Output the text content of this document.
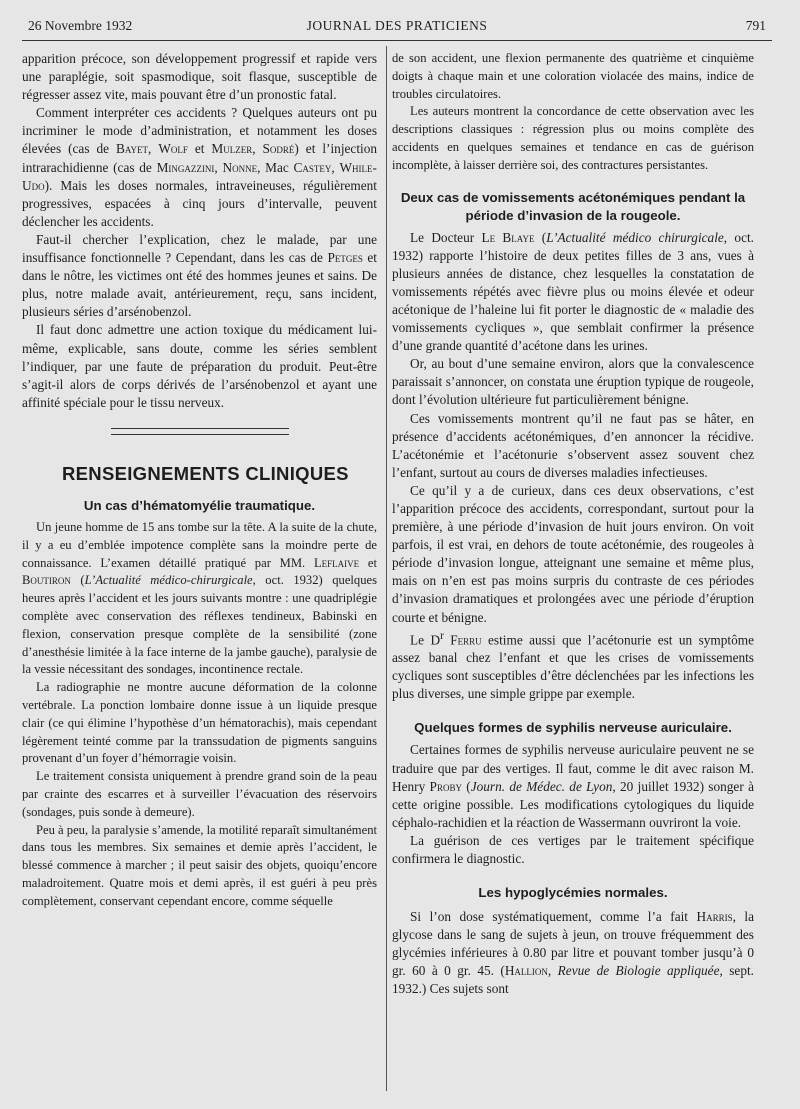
26 Novembre 1932	JOURNAL DES PRATICIENS	791

apparition précoce, son développement progressif et rapide vers une paraplégie, soit spasmodique, soit flasque, susceptible de régresser assez vite, mais pouvant être d’un pronostic fatal.

Comment interpréter ces accidents ? Quelques auteurs ont pu incriminer le mode d’administration, et notamment les doses élevées (cas de Bayet, Wolf et Mulzer, Sodré) et l’injection intrarachidienne (cas de Mingazzini, Nonne, Mac Castey, While-Udo). Mais les doses normales, intraveineuses, régulièrement progressives, espacées à cinq jours d’intervalle, peuvent déclencher les accidents.

Faut-il chercher l’explication, chez le malade, par une insuffisance fonctionnelle ? Cependant, dans les cas de Petges et dans le nôtre, les victimes ont été des hommes jeunes et sains. De plus, notre malade avait, antérieurement, reçu, sans incident, plusieurs séries d’arsénobenzol.

Il faut donc admettre une action toxique du médicament lui-même, explicable, sans doute, comme les séries semblent l’indiquer, par une faute de préparation du produit. Peut-être s’agit-il alors de corps dérivés de l’arsénobenzol et ayant une affinité spéciale pour le tissu nerveux.

RENSEIGNEMENTS CLINIQUES
Un cas d’hématomyélie traumatique.

Un jeune homme de 15 ans tombe sur la tête. A la suite de la chute, il y a eu d’emblée impotence complète sans la moindre perte de connaissance. L’examen détaillé pratiqué par MM. Leflaive et Boutiron (L’Actualité médico-chirurgicale, oct. 1932) quelques heures après l’accident et les jours suivants montre : une quadriplégie complète avec conservation des réflexes tendineux, Babinski en flexion, conservation presque complète de la sensibilité (zone d’anesthésie limitée à la face interne de la jambe gauche), paralysie de la vessie nécessitant des sondages, incontinence rectale.

La radiographie ne montre aucune déformation de la colonne vertébrale. La ponction lombaire donne issue à un liquide presque clair (ce qui élimine l’hypothèse d’un hématorachis), mais cependant légèrement teinté comme par la transsudation de pigments sanguins provenant d’un foyer d’hémorragie voisin.

Le traitement consista uniquement à prendre grand soin de la peau par crainte des escarres et à surveiller l’évacuation des réservoirs (sondages, puis sonde à demeure).

Peu à peu, la paralysie s’amende, la motilité reparaît simultanément dans tous les membres. Six semaines et demie après l’accident, le blessé commence à marcher ; il peut saisir des objets, quoiqu’encore maladroitement. Quatre mois et demi après, il est guéri à peu près complètement, conservant cependant encore, comme séquelle

de son accident, une flexion permanente des quatrième et cinquième doigts à chaque main et une coloration violacée des mains, indice de troubles circulatoires.

Les auteurs montrent la concordance de cette observation avec les descriptions classiques : régression plus ou moins complète des accidents en quelques semaines et tendance en cas de guérison incomplète, à laisser derrière soi, des contractures persistantes.

Deux cas de vomissements acétonémiques pendant la période d’invasion de la rougeole.

Le Docteur Le Blaye (L’Actualité médico chirurgicale, oct. 1932) rapporte l’histoire de deux petites filles de 3 ans, vues à plusieurs années de distance, chez lesquelles la constatation de vomissements répétés avec fièvre plus ou moins élevée et odeur acétonique de l’haleine lui fit porter le diagnostic de « maladie des vomissements cycliques », que semblait confirmer la présence d’une grande quantité d’acétone dans les urines.

Or, au bout d’une semaine environ, alors que la convalescence paraissait s’annoncer, on constata une éruption typique de rougeole, dont l’évolution ultérieure fut particulièrement bénigne.

Ces vomissements montrent qu’il ne faut pas se hâter, en présence d’accidents acétonémiques, d’en annoncer la récidive. L’acétonémie et l’acétonurie s’observent assez souvent chez l’enfant, surtout au cours de diverses maladies infectieuses.

Ce qu’il y a de curieux, dans ces deux observations, c’est l’apparition précoce des accidents, correspondant, surtout pour la première, à une période d’invasion de huit jours environ. On voit parfois, il est vrai, en dehors de toute acétonémie, des rougeoles à période d’invasion longue, atteignant une semaine et même plus, mais on n’en est pas moins surpris du contraste de ces périodes d’invasion dramatiques et prolongées avec une période d’éruption courte et bénigne.

Le $D^r$ Ferru estime aussi que l’acétonurie est un symptôme assez banal chez l’enfant et que les crises de vomissements cycliques sont susceptibles d’être déclenchées par les infections les plus diverses, une simple grippe par exemple.

Quelques formes de syphilis nerveuse auriculaire.

Certaines formes de syphilis nerveuse auriculaire peuvent ne se traduire que par des vertiges. Il faut, comme le dit avec raison M. Henry Proby (Journ. de Médec. de Lyon, 20 juillet 1932) songer à cette origine possible. Les modifications cytologiques du liquide céphalo-rachidien et la réaction de Wassermann ouvriront la voie.

La guérison de ces vertiges par le traitement spécifique confirmera le diagnostic.

Les hypoglycémies normales.

Si l’on dose systématiquement, comme l’a fait Harris, la glycose dans le sang de sujets à jeun, on trouve fréquemment des glycémies inférieures à 0.80 par litre et pouvant tomber jusqu’à 0 gr. 60 à 0 gr. 45. (Hallion, Revue de Biologie appliquée, sept. 1932.) Ces sujets sont
